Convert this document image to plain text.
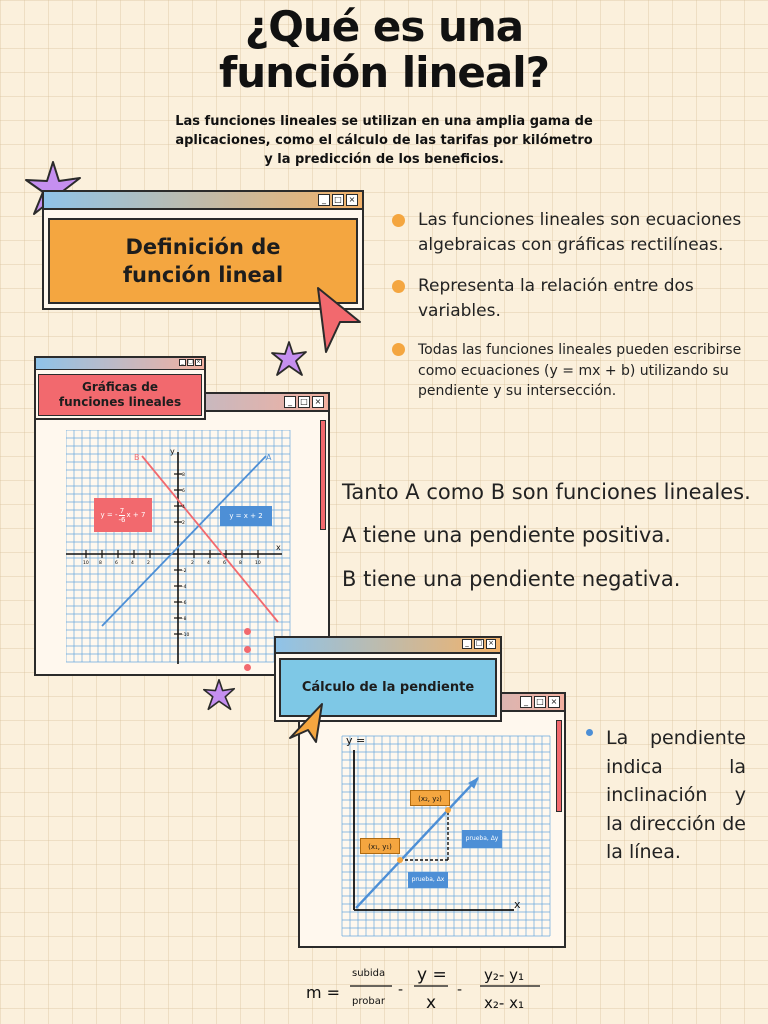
¿Qué es una
función lineal?

Las funciones lineales se utilizan en una amplia gama de aplicaciones, como el cálculo de las tarifas por kilómetro y la predicción de los beneficios.

_	□ ×
Definición de
función lineal
Las funciones lineales son ecuaciones algebraicas con gráficas rectilíneas.
Representa la relación entre dos variables.
Todas las funciones lineales pueden escribirse como ecuaciones (y = mx + b) utilizando su pendiente y su intersección.
_	□ ×
A
B
x
y
10 8	6	4	2	2	4	6	8	10
8
6
4
2
-2
-4
-6
-8
-10
y = -
7
-6
x + 7	y = x + 2
_ □ ×
Gráficas de
funciones lineales
Tanto A como B son funciones lineales.
A tiene una pendiente positiva.
B tiene una pendiente negativa.
_	□ ×
y =
x
(x₂, y₂)
(x₁, y₁)
prueba, Δy
prueba, Δx
_ □ ×
Cálculo de la pendiente

La pendiente indica la inclinación y la dirección de la línea.

m =
subida
probar
-
y =
x
-
y₂- y₁
x₂- x₁
